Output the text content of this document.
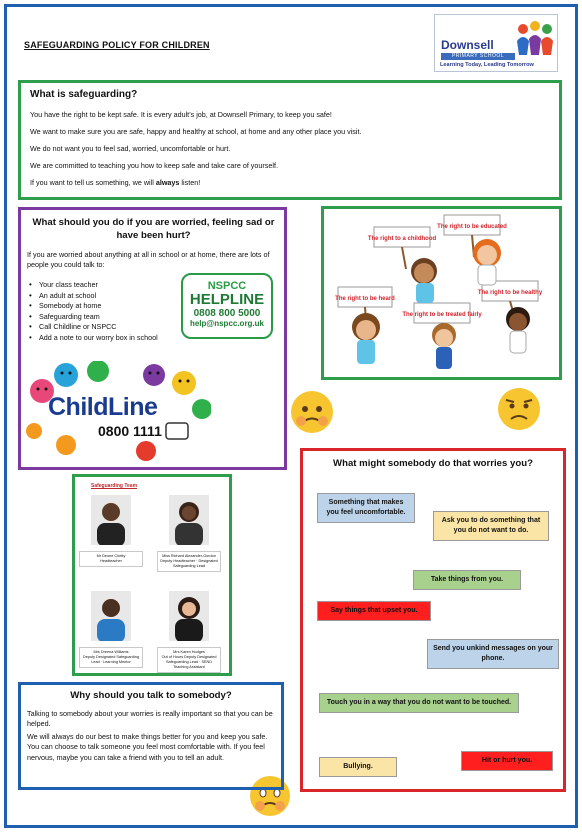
SAFEGUARDING POLICY FOR CHILDREN	Downsell
PRIMARY SCHOOL
Learning Today, Leading Tomorrow
What is safeguarding?
You have the right to be kept safe. It is every adult’s job, at Downsell Primary, to keep you safe!
We want to make sure you are safe, happy and healthy at school, at home and any other place you visit.
We do not want you to feel sad, worried, uncomfortable or hurt.
We are committed to teaching you how to keep safe and take care of yourself.
If you want to tell us something, we will always listen!
What should you do if you are worried, feeling sad or have been hurt?
If you are worried about anything at all in school or at home, there are lots of people you could talk to:
• Your class teacher
• An adult at school
• Somebody at home
• Safeguarding team
• Call Childline or NSPCC
• Add a note to our worry box in school
NSPCC
HELPLINE
0808 800 5000
help@nspcc.org.uk
ChildLine
0800 1111
The right to a childhood
The right to be educated
The right to be heard
The right to be treated fairly
The right to be healthy
Safeguarding Team
Mr Deone Chetty
Headteacher
Miss Richard Alexander-Gordon
Deputy Headteacher · Designated Safeguarding Lead
Mrs Dreena Williams
Deputy Designated Safeguarding Lead · Learning Mentor
Mrs Karen Hodges
Out of Hours Deputy Designated Safeguarding Lead · SEND Teaching Assistant
Why should you talk to somebody?
Talking to somebody about your worries is really important so that you can be helped.
We will always do our best to make things better for you and keep you safe. You can choose to talk someone you feel most comfortable with. If you feel nervous, maybe you can take a friend with you to tell an adult.
What might somebody do that worries you?
Something that makes you feel uncomfortable.
Ask you to do something that you do not want to do.
Take things from you.
Say things that upset you.
Send you unkind messages on your phone.
Touch you in a way that you do not want to be touched.
Bullying.
Hit or hurt you.
